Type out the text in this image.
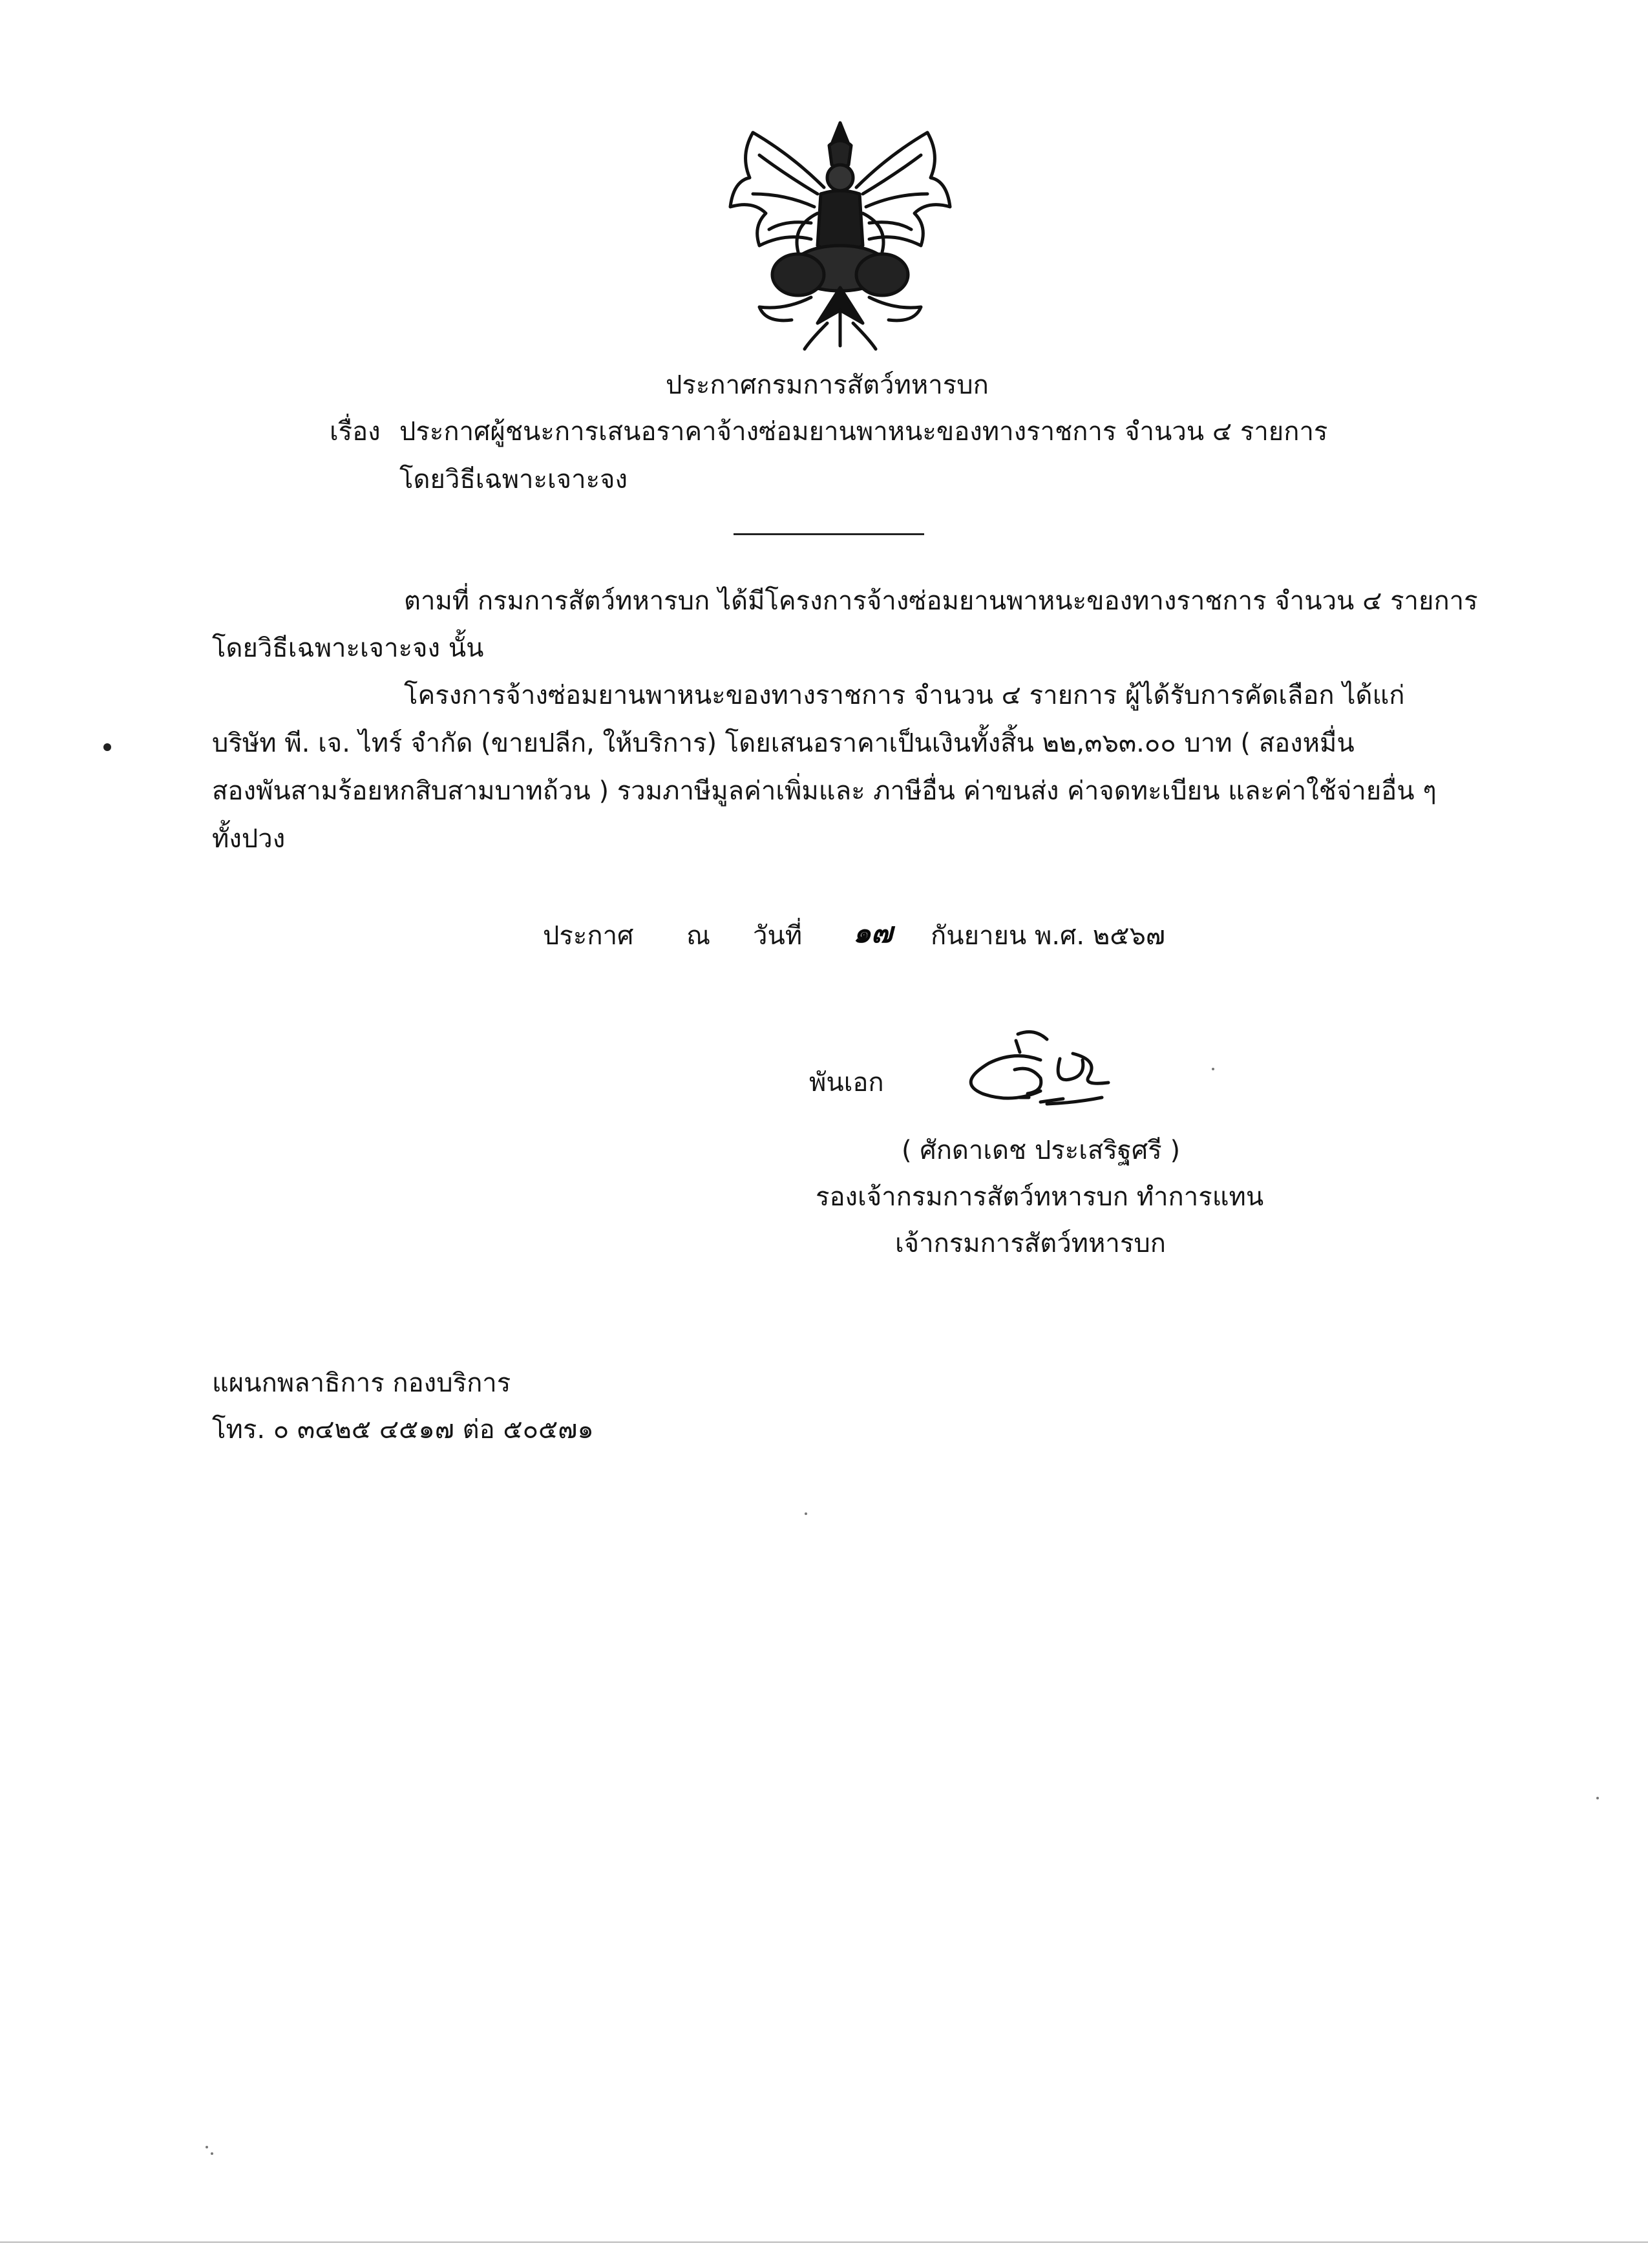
ประกาศกรมการสัตว์ทหารบก
เรื่อง ประกาศผู้ชนะการเสนอราคาจ้างซ่อมยานพาหนะของทางราชการ จำนวน ๔ รายการ
โดยวิธีเฉพาะเจาะจง
ตามที่ กรมการสัตว์ทหารบก ได้มีโครงการจ้างซ่อมยานพาหนะของทางราชการ จำนวน ๔ รายการ
โดยวิธีเฉพาะเจาะจง นั้น
โครงการจ้างซ่อมยานพาหนะของทางราชการ จำนวน ๔ รายการ ผู้ได้รับการคัดเลือก ได้แก่
บริษัท พี. เจ. ไทร์ จำกัด (ขายปลีก, ให้บริการ) โดยเสนอราคาเป็นเงินทั้งสิ้น ๒๒,๓๖๓.๐๐ บาท ( สองหมื่น
สองพันสามร้อยหกสิบสามบาทถ้วน ) รวมภาษีมูลค่าเพิ่มและ ภาษีอื่น ค่าขนส่ง ค่าจดทะเบียน และค่าใช้จ่ายอื่น ๆ
ทั้งปวง
ประกาศ ณ วันที่ ๑๗ กันยายน พ.ศ. ๒๕๖๗
พันเอก
( ศักดาเดช ประเสริฐศรี )
รองเจ้ากรมการสัตว์ทหารบก ทำการแทน
เจ้ากรมการสัตว์ทหารบก
แผนกพลาธิการ กองบริการ
โทร. ๐ ๓๔๒๕ ๔๕๑๗ ต่อ ๕๐๕๗๑
